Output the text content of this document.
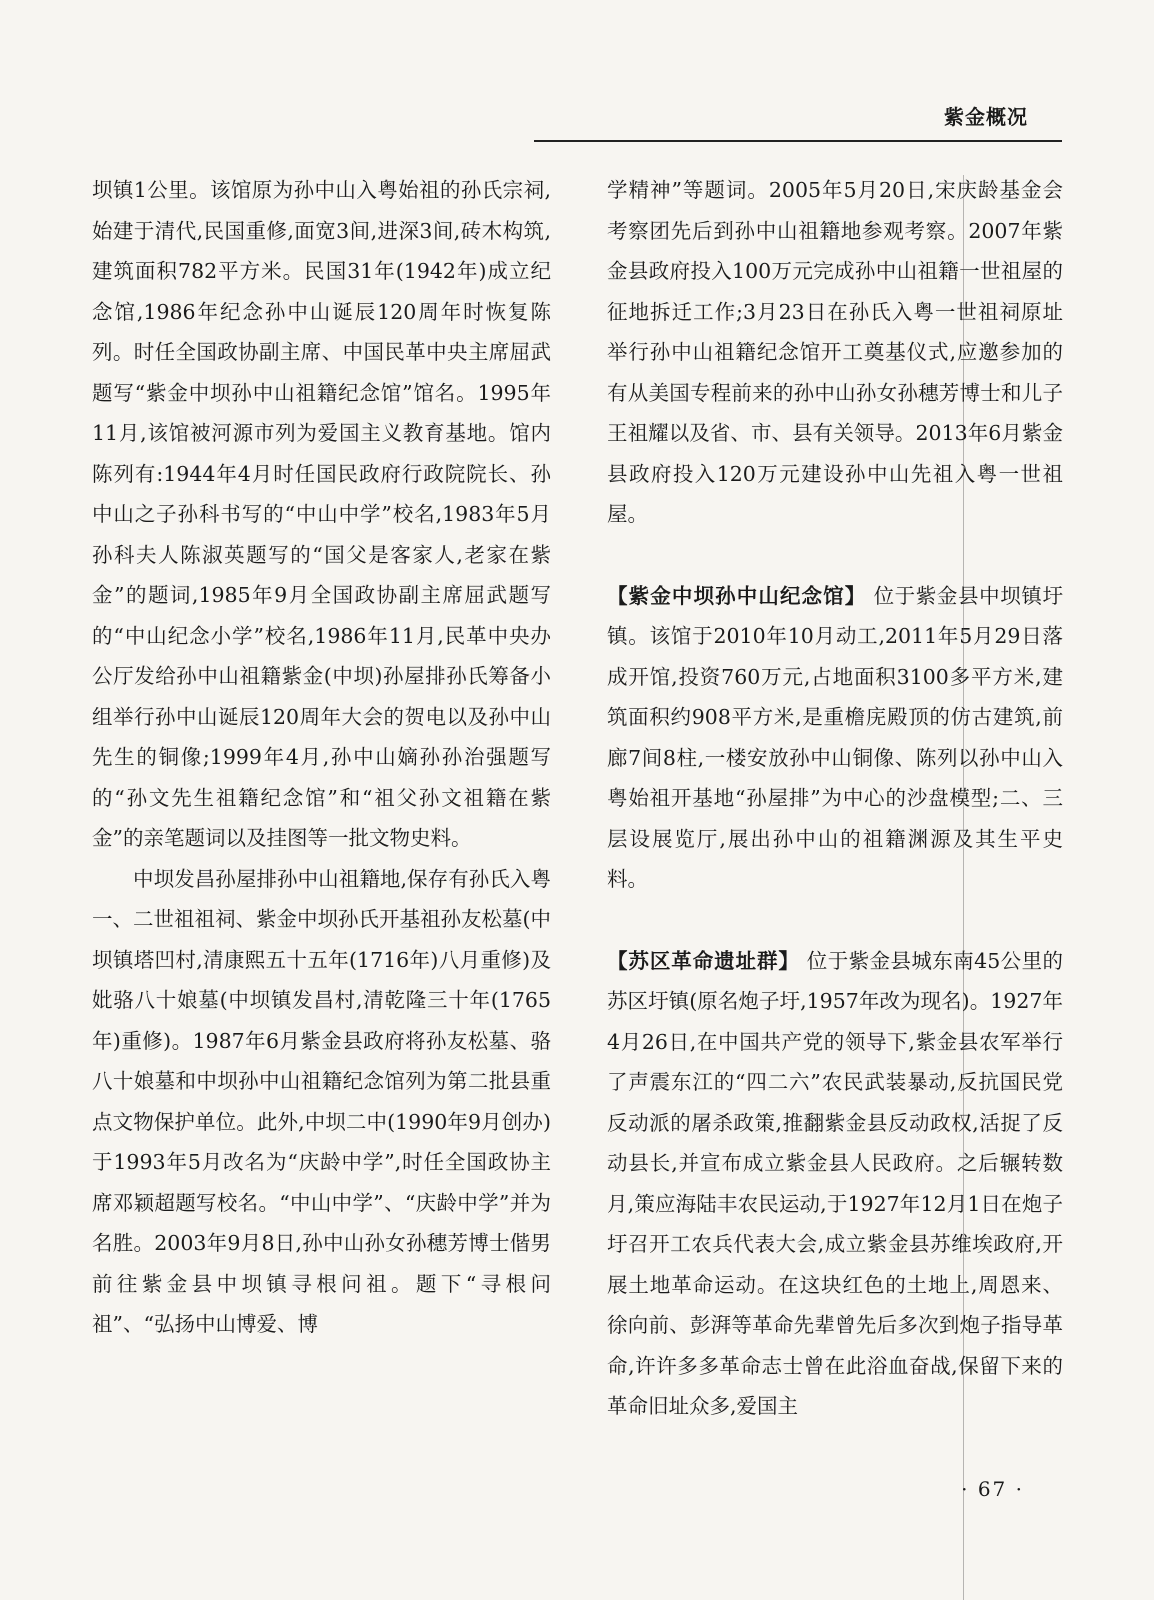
紫金概况

坝镇1公里。该馆原为孙中山入粤始祖的孙氏宗祠,始建于清代,民国重修,面宽3间,进深3间,砖木构筑,建筑面积782平方米。民国31年(1942年)成立纪念馆,1986年纪念孙中山诞辰120周年时恢复陈列。时任全国政协副主席、中国民革中央主席屈武题写“紫金中坝孙中山祖籍纪念馆”馆名。1995年11月,该馆被河源市列为爱国主义教育基地。馆内陈列有:1944年4月时任国民政府行政院院长、孙中山之子孙科书写的“中山中学”校名,1983年5月孙科夫人陈淑英题写的“国父是客家人,老家在紫金”的题词,1985年9月全国政协副主席屈武题写的“中山纪念小学”校名,1986年11月,民革中央办公厅发给孙中山祖籍紫金(中坝)孙屋排孙氏筹备小组举行孙中山诞辰120周年大会的贺电以及孙中山先生的铜像;1999年4月,孙中山嫡孙孙治强题写的“孙文先生祖籍纪念馆”和“祖父孙文祖籍在紫金”的亲笔题词以及挂图等一批文物史料。

中坝发昌孙屋排孙中山祖籍地,保存有孙氏入粤一、二世祖祖祠、紫金中坝孙氏开基祖孙友松墓(中坝镇塔凹村,清康熙五十五年(1716年)八月重修)及妣骆八十娘墓(中坝镇发昌村,清乾隆三十年(1765年)重修)。1987年6月紫金县政府将孙友松墓、骆八十娘墓和中坝孙中山祖籍纪念馆列为第二批县重点文物保护单位。此外,中坝二中(1990年9月创办)于1993年5月改名为“庆龄中学”,时任全国政协主席邓颖超题写校名。“中山中学”、“庆龄中学”并为名胜。2003年9月8日,孙中山孙女孙穗芳博士偕男前往紫金县中坝镇寻根问祖。题下“寻根问祖”、“弘扬中山博爱、博

学精神”等题词。2005年5月20日,宋庆龄基金会考察团先后到孙中山祖籍地参观考察。2007年紫金县政府投入100万元完成孙中山祖籍一世祖屋的征地拆迁工作;3月23日在孙氏入粤一世祖祠原址举行孙中山祖籍纪念馆开工奠基仪式,应邀参加的有从美国专程前来的孙中山孙女孙穗芳博士和儿子王祖耀以及省、市、县有关领导。2013年6月紫金县政府投入120万元建设孙中山先祖入粤一世祖屋。

【紫金中坝孙中山纪念馆】 位于紫金县中坝镇圩镇。该馆于2010年10月动工,2011年5月29日落成开馆,投资760万元,占地面积3100多平方米,建筑面积约908平方米,是重檐庑殿顶的仿古建筑,前廊7间8柱,一楼安放孙中山铜像、陈列以孙中山入粤始祖开基地“孙屋排”为中心的沙盘模型;二、三层设展览厅,展出孙中山的祖籍渊源及其生平史料。

【苏区革命遗址群】 位于紫金县城东南45公里的苏区圩镇(原名炮子圩,1957年改为现名)。1927年4月26日,在中国共产党的领导下,紫金县农军举行了声震东江的“四二六”农民武装暴动,反抗国民党反动派的屠杀政策,推翻紫金县反动政权,活捉了反动县长,并宣布成立紫金县人民政府。之后辗转数月,策应海陆丰农民运动,于1927年12月1日在炮子圩召开工农兵代表大会,成立紫金县苏维埃政府,开展土地革命运动。在这块红色的土地上,周恩来、徐向前、彭湃等革命先辈曾先后多次到炮子指导革命,许许多多革命志士曾在此浴血奋战,保留下来的革命旧址众多,爱国主

· 67 ·
